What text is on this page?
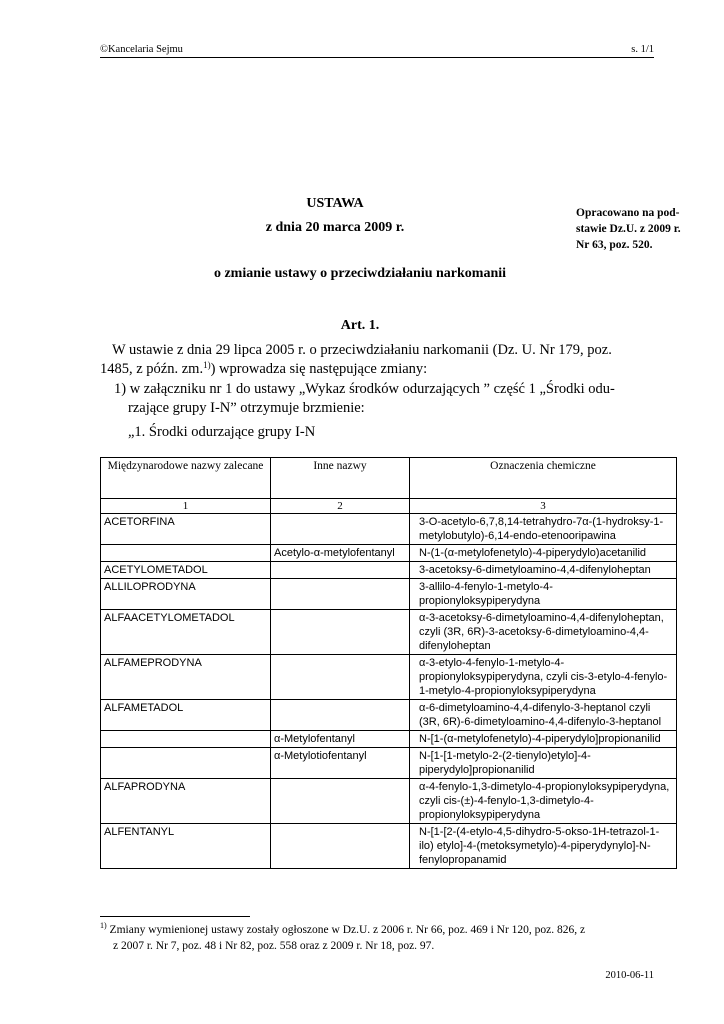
©Kancelaria Sejmu	s. 1/1
USTAWA
z dnia 20 marca 2009 r.
o zmianie ustawy o przeciwdziałaniu narkomanii
Opracowano na pod-
stawie Dz.U. z 2009 r.
Nr 63, poz. 520.
Art. 1.
W ustawie z dnia 29 lipca 2005 r. o przeciwdziałaniu narkomanii (Dz. U. Nr 179, poz.
1485, z późn. zm.$^{1)}$) wprowadza się następujące zmiany:
1) w załączniku nr 1 do ustawy „Wykaz środków odurzających ” część 1 „Środki odu-
rzające grupy I-N” otrzymuje brzmienie:
„1. Środki odurzające grupy I-N
Międzynarodowe nazwy zalecane	Inne nazwy	Oznaczenia chemiczne
1	2	3
ACETORFINA		3-O-acetylo-6,7,8,14-tetrahydro-7α-(1-hydroksy-1-metylobutylo)-6,14-endo-etenooripawina
	Acetylo-α-metylofentanyl	N-(1-(α-metylofenetylo)-4-piperydylo)acetanilid
ACETYLOMETADOL		3-acetoksy-6-dimetyloamino-4,4-difenyloheptan
ALLILOPRODYNA		3-allilo-4-fenylo-1-metylo-4-propionyloksypiperydyna
ALFAACETYLOMETADOL		α-3-acetoksy-6-dimetyloamino-4,4-difenyloheptan, czyli (3R, 6R)-3-acetoksy-6-dimetyloamino-4,4-difenyloheptan
ALFAMEPRODYNA		α-3-etylo-4-fenylo-1-metylo-4-propionyloksypiperydyna, czyli cis-3-etylo-4-fenylo-1-metylo-4-propionyloksypiperydyna
ALFAMETADOL		α-6-dimetyloamino-4,4-difenylo-3-heptanol czyli (3R, 6R)-6-dimetyloamino-4,4-difenylo-3-heptanol
	α-Metylofentanyl	N-[1-(α-metylofenetylo)-4-piperydylo]propionanilid
	α-Metylotiofentanyl	N-[1-[1-metylo-2-(2-tienylo)etylo]-4-piperydylo]propionanilid
ALFAPRODYNA		α-4-fenylo-1,3-dimetylo-4-propionyloksypiperydyna, czyli cis-(±)-4-fenylo-1,3-dimetylo-4-propionyloksypiperydyna
ALFENTANYL		N-[1-[2-(4-etylo-4,5-dihydro-5-okso-1H-tetrazol-1-ilo) etylo]-4-(metoksymetylo)-4-piperydynylo]-N-fenylopropanamid
$^{1)}$ Zmiany wymienionej ustawy zostały ogłoszone w Dz.U. z 2006 r. Nr 66, poz. 469 i Nr 120, poz. 826, z
z 2007 r. Nr 7, poz. 48 i Nr 82, poz. 558 oraz z 2009 r. Nr 18, poz. 97.
2010-06-11
